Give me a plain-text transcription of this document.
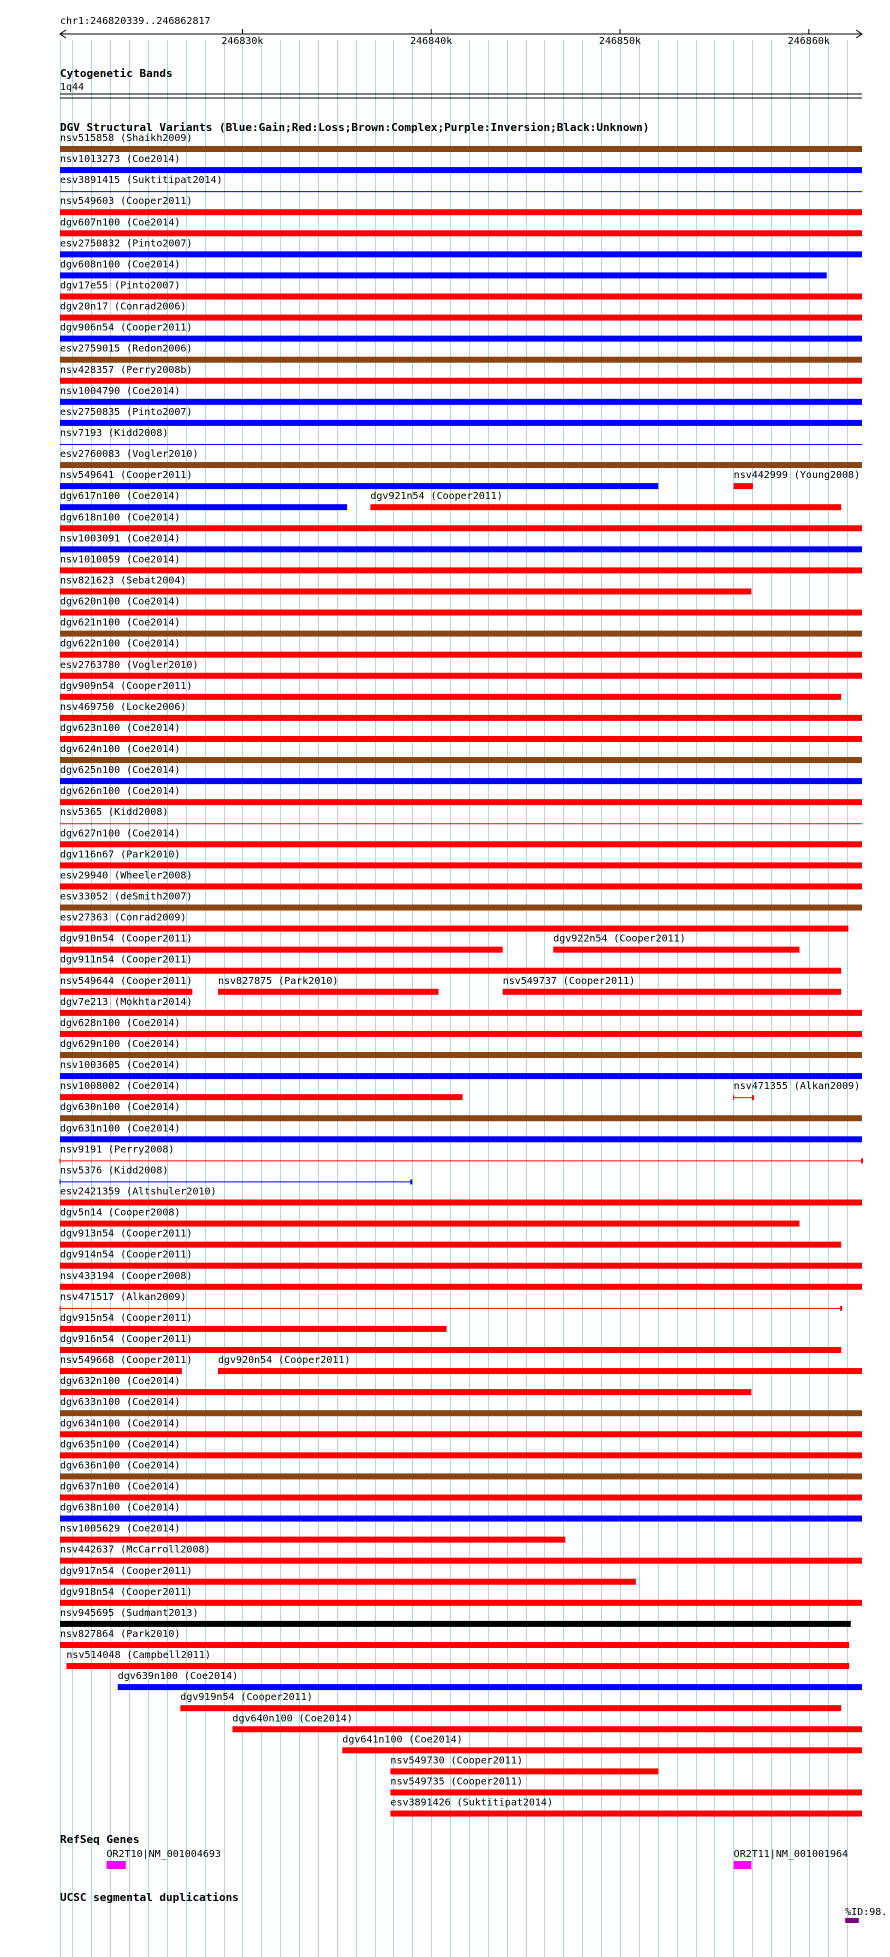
chr1:246820339..246862817
246830k	246840k	246850k	246860k
Cytogenetic Bands
1q44
DGV Structural Variants (Blue:Gain;Red:Loss;Brown:Complex;Purple:Inversion;Black:Unknown)
nsv515858 (Shaikh2009)
nsv1013273 (Coe2014)
esv3891415 (Suktitipat2014)
nsv549603 (Cooper2011)
dgv607n100 (Coe2014)
esv2750832 (Pinto2007)
dgv608n100 (Coe2014)
dgv17e55 (Pinto2007)
dgv20n17 (Conrad2006)
dgv906n54 (Cooper2011)
esv2759015 (Redon2006)
nsv428357 (Perry2008b)
nsv1004790 (Coe2014)
esv2750835 (Pinto2007)
nsv7193 (Kidd2008)
esv2760083 (Vogler2010)
nsv549641 (Cooper2011)	nsv442999 (Young2008)
dgv617n100 (Coe2014)	dgv921n54 (Cooper2011)
dgv618n100 (Coe2014)
nsv1003091 (Coe2014)
nsv1010059 (Coe2014)
nsv821623 (Sebat2004)
dgv620n100 (Coe2014)
dgv621n100 (Coe2014)
dgv622n100 (Coe2014)
esv2763780 (Vogler2010)
dgv909n54 (Cooper2011)
nsv469750 (Locke2006)
dgv623n100 (Coe2014)
dgv624n100 (Coe2014)
dgv625n100 (Coe2014)
dgv626n100 (Coe2014)
nsv5365 (Kidd2008)
dgv627n100 (Coe2014)
dgv116n67 (Park2010)
esv29940 (Wheeler2008)
esv33052 (deSmith2007)
esv27363 (Conrad2009)
dgv910n54 (Cooper2011)	dgv922n54 (Cooper2011)
dgv911n54 (Cooper2011)
nsv549644 (Cooper2011)	nsv827875 (Park2010)	nsv549737 (Cooper2011)
dgv7e213 (Mokhtar2014)
dgv628n100 (Coe2014)
dgv629n100 (Coe2014)
nsv1003605 (Coe2014)
nsv1008002 (Coe2014)	nsv471355 (Alkan2009)
dgv630n100 (Coe2014)
dgv631n100 (Coe2014)
nsv9191 (Perry2008)
nsv5376 (Kidd2008)
esv2421359 (Altshuler2010)
dgv5n14 (Cooper2008)
dgv913n54 (Cooper2011)
dgv914n54 (Cooper2011)
nsv433194 (Cooper2008)
nsv471517 (Alkan2009)
dgv915n54 (Cooper2011)
dgv916n54 (Cooper2011)
nsv549668 (Cooper2011)	dgv920n54 (Cooper2011)
dgv632n100 (Coe2014)
dgv633n100 (Coe2014)
dgv634n100 (Coe2014)
dgv635n100 (Coe2014)
dgv636n100 (Coe2014)
dgv637n100 (Coe2014)
dgv638n100 (Coe2014)
nsv1005629 (Coe2014)
nsv442637 (McCarroll2008)
dgv917n54 (Cooper2011)
dgv918n54 (Cooper2011)
nsv945695 (Sudmant2013)
nsv827864 (Park2010)
nsv514048 (Campbell2011)
dgv639n100 (Coe2014)
dgv919n54 (Cooper2011)
dgv640n100 (Coe2014)
dgv641n100 (Coe2014)
nsv549730 (Cooper2011)
nsv549735 (Cooper2011)
esv3891426 (Suktitipat2014)
RefSeq Genes
OR2T10|NM_001004693	OR2T11|NM_001001964
UCSC segmental duplications
%ID:98.
